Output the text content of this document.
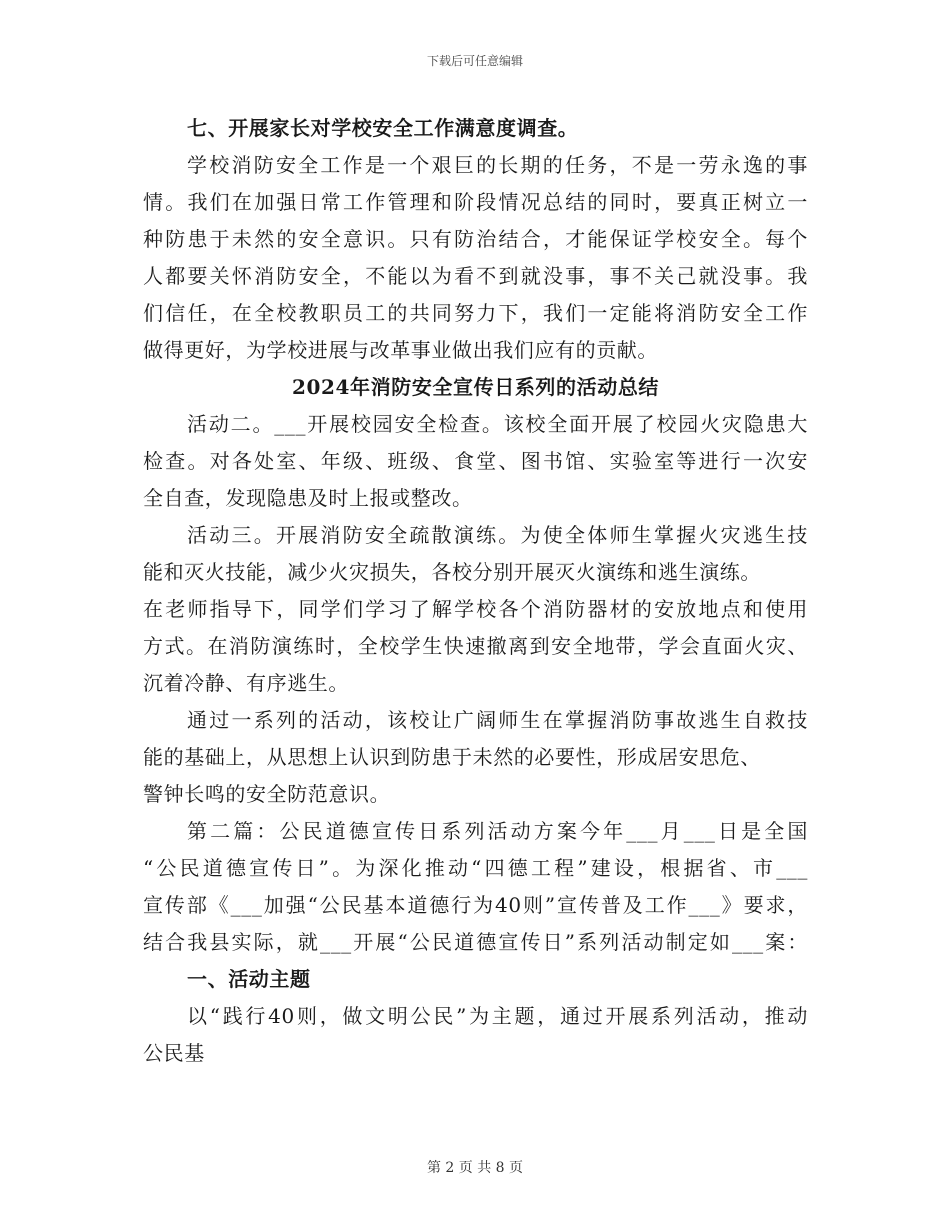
下载后可任意编辑
七、开展家长对学校安全工作满意度调查。
学校消防安全工作是一个艰巨的长期的任务，不是一劳永逸的事
情。我们在加强日常工作管理和阶段情况总结的同时，要真正树立一
种防患于未然的安全意识。只有防治结合，才能保证学校安全。每个
人都要关怀消防安全，不能以为看不到就没事，事不关己就没事。我
们信任，在全校教职员工的共同努力下，我们一定能将消防安全工作
做得更好，为学校进展与改革事业做出我们应有的贡献。
2024年消防安全宣传日系列的活动总结
活动二。___开展校园安全检查。该校全面开展了校园火灾隐患大
检查。对各处室、年级、班级、食堂、图书馆、实验室等进行一次安
全自查，发现隐患及时上报或整改。
活动三。开展消防安全疏散演练。为使全体师生掌握火灾逃生技
能和灭火技能，减少火灾损失，各校分别开展灭火演练和逃生演练。
在老师指导下，同学们学习了解学校各个消防器材的安放地点和使用
方式。在消防演练时，全校学生快速撤离到安全地带，学会直面火灾、
沉着冷静、有序逃生。
通过一系列的活动，该校让广阔师生在掌握消防事故逃生自救技
能的基础上，从思想上认识到防患于未然的必要性，形成居安思危、
警钟长鸣的安全防范意识。
第二篇：公民道德宣传日系列活动方案今年___月___日是全国
“公民道德宣传日”。为深化推动“四德工程”建设，根据省、市___
宣传部《___加强“公民基本道德行为40则”宣传普及工作___》要求，
结合我县实际，就___开展“公民道德宣传日”系列活动制定如___案：
一、活动主题
以“践行40则，做文明公民”为主题，通过开展系列活动，推动
公民基
第 2 页 共 8 页
